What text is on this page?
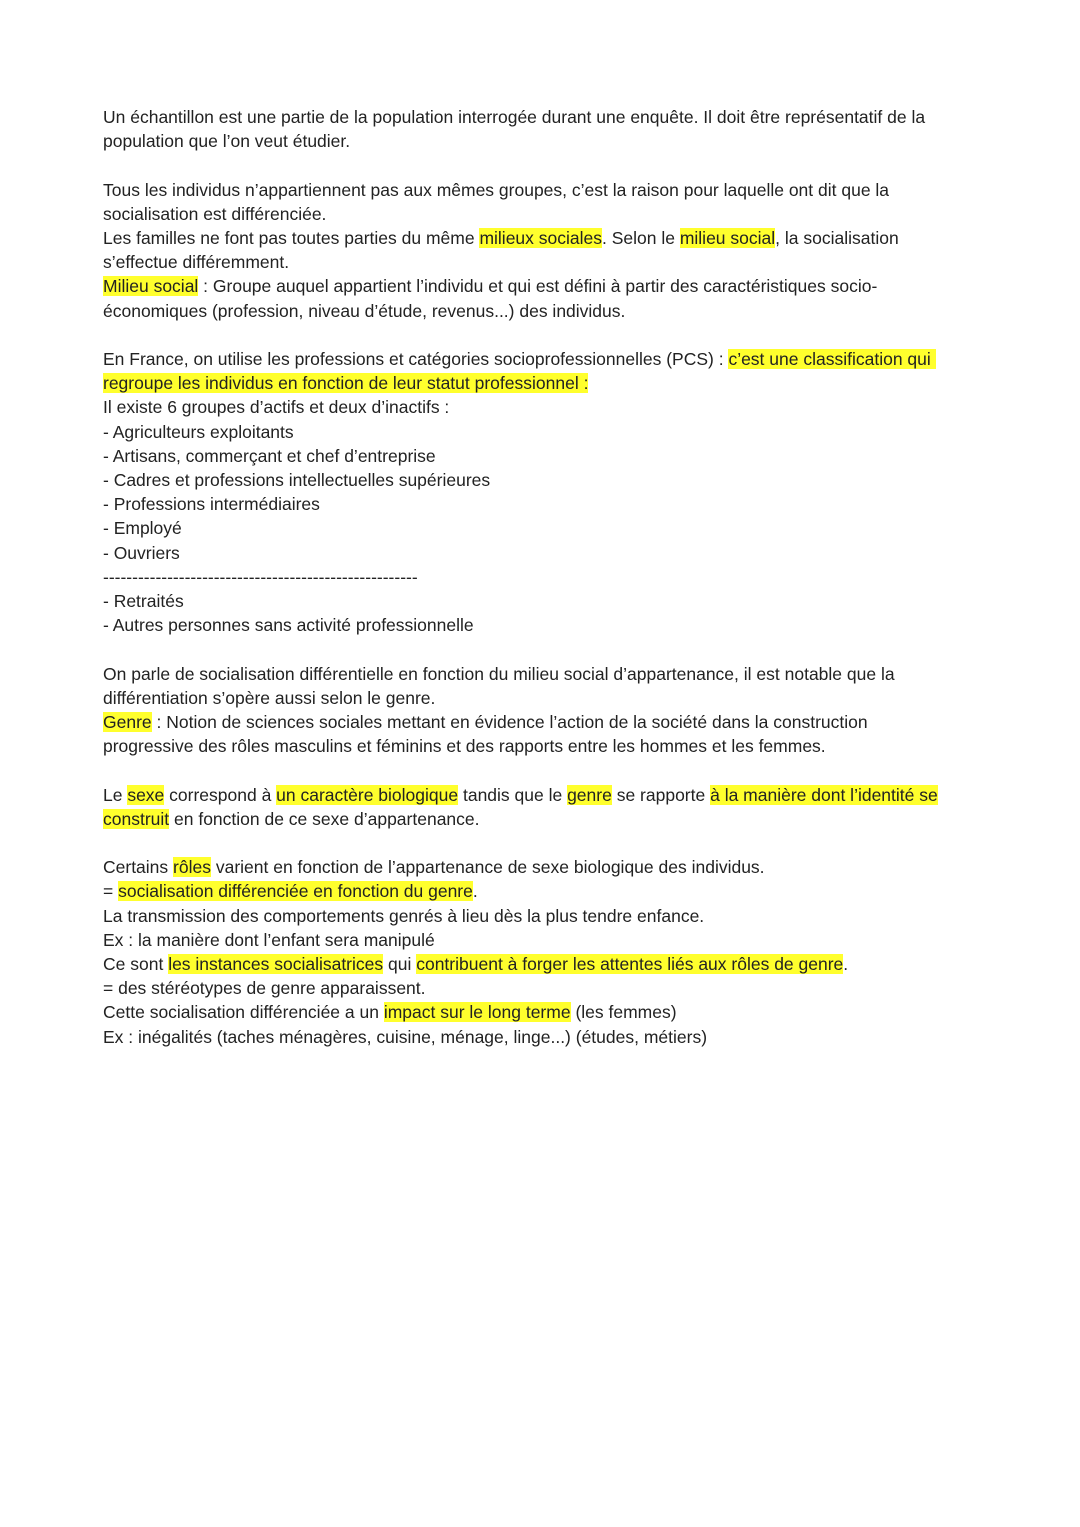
Un échantillon est une partie de la population interrogée durant une enquête. Il doit être représentatif de la
population que l’on veut étudier.
Tous les individus n’appartiennent pas aux mêmes groupes, c’est la raison pour laquelle ont dit que la
socialisation est différenciée.
Les familles ne font pas toutes parties du même milieux sociales. Selon le milieu social, la socialisation
s’effectue différemment.
Milieu social : Groupe auquel appartient l’individu et qui est défini à partir des caractéristiques socio-
économiques (profession, niveau d’étude, revenus...) des individus.
En France, on utilise les professions et catégories socioprofessionnelles (PCS) : c’est une classification qui
regroupe les individus en fonction de leur statut professionnel :
Il existe 6 groupes d’actifs et deux d’inactifs :
- Agriculteurs exploitants
- Artisans, commerçant et chef d’entreprise
- Cadres et professions intellectuelles supérieures
- Professions intermédiaires
- Employé
- Ouvriers
------------------------------------------------------
- Retraités
- Autres personnes sans activité professionnelle
On parle de socialisation différentielle en fonction du milieu social d’appartenance, il est notable que la
différentiation s’opère aussi selon le genre.
Genre : Notion de sciences sociales mettant en évidence l’action de la société dans la construction
progressive des rôles masculins et féminins et des rapports entre les hommes et les femmes.
Le sexe correspond à un caractère biologique tandis que le genre se rapporte à la manière dont l’identité se
construit en fonction de ce sexe d’appartenance.
Certains rôles varient en fonction de l’appartenance de sexe biologique des individus.
= socialisation différenciée en fonction du genre.
La transmission des comportements genrés à lieu dès la plus tendre enfance.
Ex : la manière dont l’enfant sera manipulé
Ce sont les instances socialisatrices qui contribuent à forger les attentes liés aux rôles de genre.
= des stéréotypes de genre apparaissent.
Cette socialisation différenciée a un impact sur le long terme (les femmes)
Ex : inégalités (taches ménagères, cuisine, ménage, linge...) (études, métiers)
